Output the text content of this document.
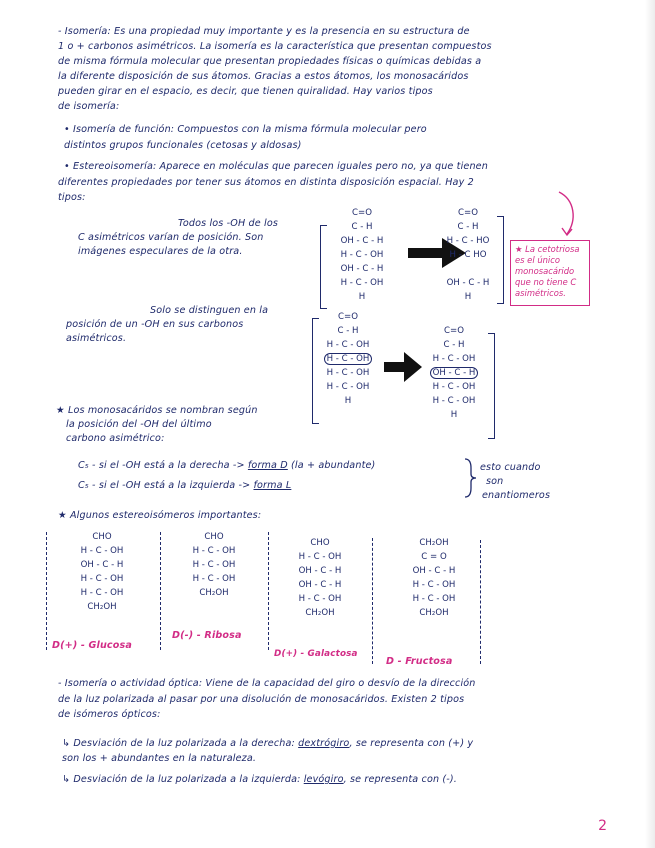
- Isomería: Es una propiedad muy importante y es la presencia en su estructura de
1 o + carbonos asimétricos. La isomería es la característica que presentan compuestos
de misma fórmula molecular que presentan propiedades físicas o químicas debidas a
la diferente disposición de sus átomos. Gracias a estos átomos, los monosacáridos
pueden girar en el espacio, es decir, que tienen quiralidad. Hay varios tipos
de isomería:
• Isomería de función: Compuestos con la misma fórmula molecular pero
distintos grupos funcionales (cetosas y aldosas)
• Estereoisomería: Aparece en moléculas que parecen iguales pero no, ya que tienen
diferentes propiedades por tener sus átomos en distinta disposición espacial. Hay 2
tipos:
Todos los -OH de los
C asimétricos varían de posición. Son
imágenes especulares de la otra.
C=O
C - H
OH - C - H
H - C - OH
OH - C - H
H - C - OH
H
C=O
C - H
H - C - HO
H - C HO
OH - C - H
H
★ La cetotriosa es el único monosacárido que no tiene C asimétricos.
Solo se distinguen en la
posición de un -OH en sus carbonos
asimétricos.
C=O
C - H
H - C - OH
H - C - OH
H - C - OH
H - C - OH
H
C=O
C - H
H - C - OH
OH - C - H
H - C - OH
H - C - OH
H
★ Los monosacáridos se nombran según
la posición del -OH del último
carbono asimétrico:
C₅ - si el -OH está a la derecha -> forma D (la + abundante)
C₅ - si el -OH está a la izquierda -> forma L
esto cuando
son
enantiomeros
★ Algunos estereoisómeros importantes:
CHO
H - C - OH
OH - C - H
H - C - OH
H - C - OH
CH₂OH
D(+) - Glucosa
CHO
H - C - OH
H - C - OH
H - C - OH
CH₂OH
D(-) - Ribosa
CHO
H - C - OH
OH - C - H
OH - C - H
H - C - OH
CH₂OH
D(+) - Galactosa
CH₂OH
C = O
OH - C - H
H - C - OH
H - C - OH
CH₂OH
D - Fructosa
- Isomería o actividad óptica: Viene de la capacidad del giro o desvío de la dirección
de la luz polarizada al pasar por una disolución de monosacáridos. Existen 2 tipos
de isómeros ópticos:
↳ Desviación de la luz polarizada a la derecha: dextrógiro, se representa con (+) y
son los + abundantes en la naturaleza.
↳ Desviación de la luz polarizada a la izquierda: levógiro, se representa con (-).
2
